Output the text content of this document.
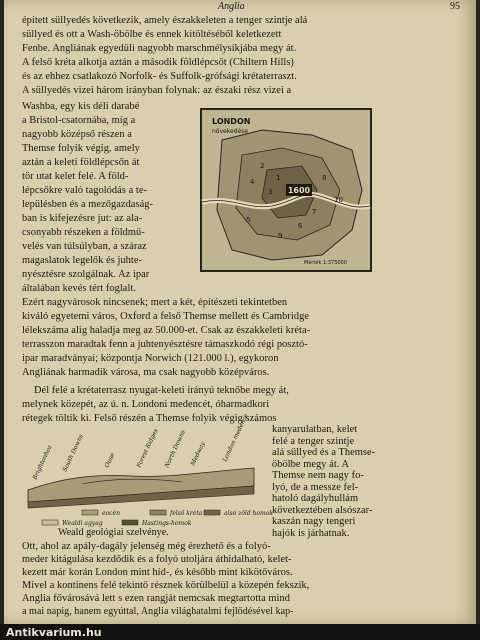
Anglia	95
épített süllyedés következik, amely északkeleten a tenger szintje alá
süllyed és ott a Wash-öbölbe és ennek kitöltéséből keletkezett
Fenbe. Angliának egyedüli nagyobb marschmélysíkjába megy át.
A felső kréta alkotja aztán a második földlépcsőt (Chiltern Hills)
és az ehhez csatlakozó Norfolk- és Suffolk-grófsági krétaterraszt.
A süllyedés vizei három irányban folynak: az északi rész vizei a
Washba, egy kis déli darabé
a Bristol-csatornába, míg a
nagyobb középső részen a
Themse folyik végig, amely
aztán a keleti földlépcsőn át
tör utat kelet felé. A föld-
lépcsőkre való tagolódás a te-
lepülésben és a mezőgazdaság-
ban is kifejezésre jut: az ala-
csonyabb részeken a földmű-
velés van túlsúlyban, a száraz
magaslatok legelők és juhte-
nyésztésre szolgálnak. Az ipar
általában kevés tért foglalt.
1600
LONDON
növekedése
Mérték 1:375000
1
2
3
4
5
6
7
8
9
10
Ezért nagyvárosok nincsenek; mert a két, építészeti tekintetben
kiváló egyetemi város, Oxford a felső Themse mellett és Cambridge
lélekszáma alig haladja meg az 50.000-et. Csak az északkeleti kréta-
terrasszon maradtak fenn a juhtenyésztésre támaszkodó régi posztó-
ipar maradványai; központja Norwich (121.000 l.), egykoron
Angliának harmadik városa, ma csak nagyobb középváros.
Dél felé a krétaterrasz nyugat-keleti irányú teknőbe megy át,
melynek közepét, az ú. n. Londoni medencét, óharmadkori
rétegek töltik ki. Felső részén a Themse folyik végig számos
Brightonhoz South Downs	Ouse	Forest Ridges North Downs Medway London medence
eocén	felső kréta	alsó zöld homok
Wealdi agyag	Hastings-homok
Weald geológiai szelvénye.
kanyarulatban, kelet
felé a tenger szintje
alá süllyed és a Themse-
öbölbe megy át. A
Themse nem nagy fo-
lyó, de a messze fel-
hatoló dagályhullám
következtében alsószar-
kaszán nagy tengeri
hajók is járhatnak.
Ott, ahol az apály-dagály jelenség még érezhető és a folyó-
meder kitágulása kezdődik és a folyó utoljára áthidalható, kelet-
kezett már korán London mint híd-, és később mint kikötőváros.
Mivel a kontinens felé tekintő résznek körülbelül a közepén fekszik,
Anglia fővárosává lett s ezen rangját nemcsak megtartotta mind
a mai napig, hanem egyúttal, Anglia világhatalmi fejlődésével kap-
Antikvarium.hu
